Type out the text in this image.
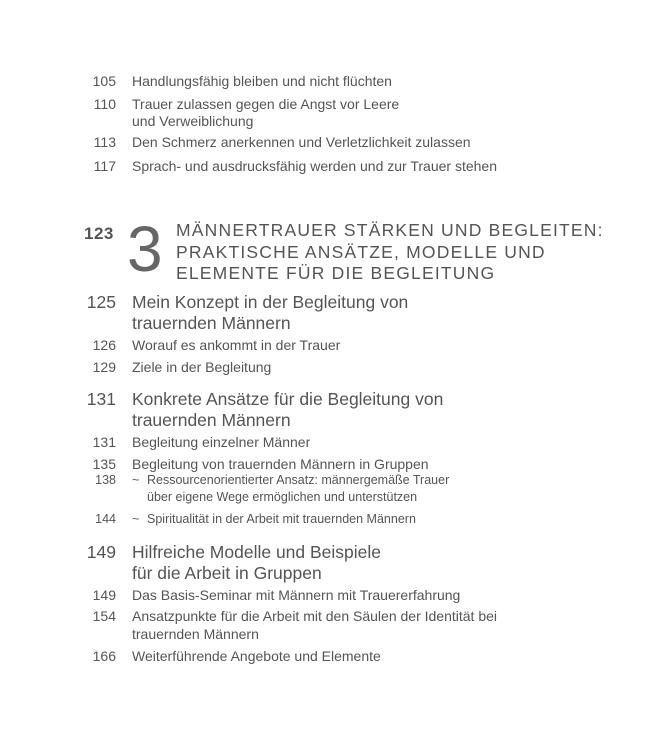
105 Handlungsfähig bleiben und nicht flüchten
110 Trauer zulassen gegen die Angst vor Leere
und Verweiblichung
113 Den Schmerz anerkennen und Verletzlichkeit zulassen
117 Sprach- und ausdrucksfähig werden und zur Trauer stehen
123 3 MÄNNERTRAUER STÄRKEN UND BEGLEITEN:
PRAKTISCHE ANSÄTZE, MODELLE UND
ELEMENTE FÜR DIE BEGLEITUNG
125 Mein Konzept in der Begleitung von
trauernden Männern
126 Worauf es ankommt in der Trauer
129 Ziele in der Begleitung
131 Konkrete Ansätze für die Begleitung von
trauernden Männern
131 Begleitung einzelner Männer
135 Begleitung von trauernden Männern in Gruppen
138 ~ Ressourcenorientierter Ansatz: männergemäße Trauer
über eigene Wege ermöglichen und unterstützen
144 ~ Spiritualität in der Arbeit mit trauernden Männern
149 Hilfreiche Modelle und Beispiele
für die Arbeit in Gruppen
149 Das Basis-Seminar mit Männern mit Trauererfahrung
154 Ansatzpunkte für die Arbeit mit den Säulen der Identität bei
trauernden Männern
166 Weiterführende Angebote und Elemente
